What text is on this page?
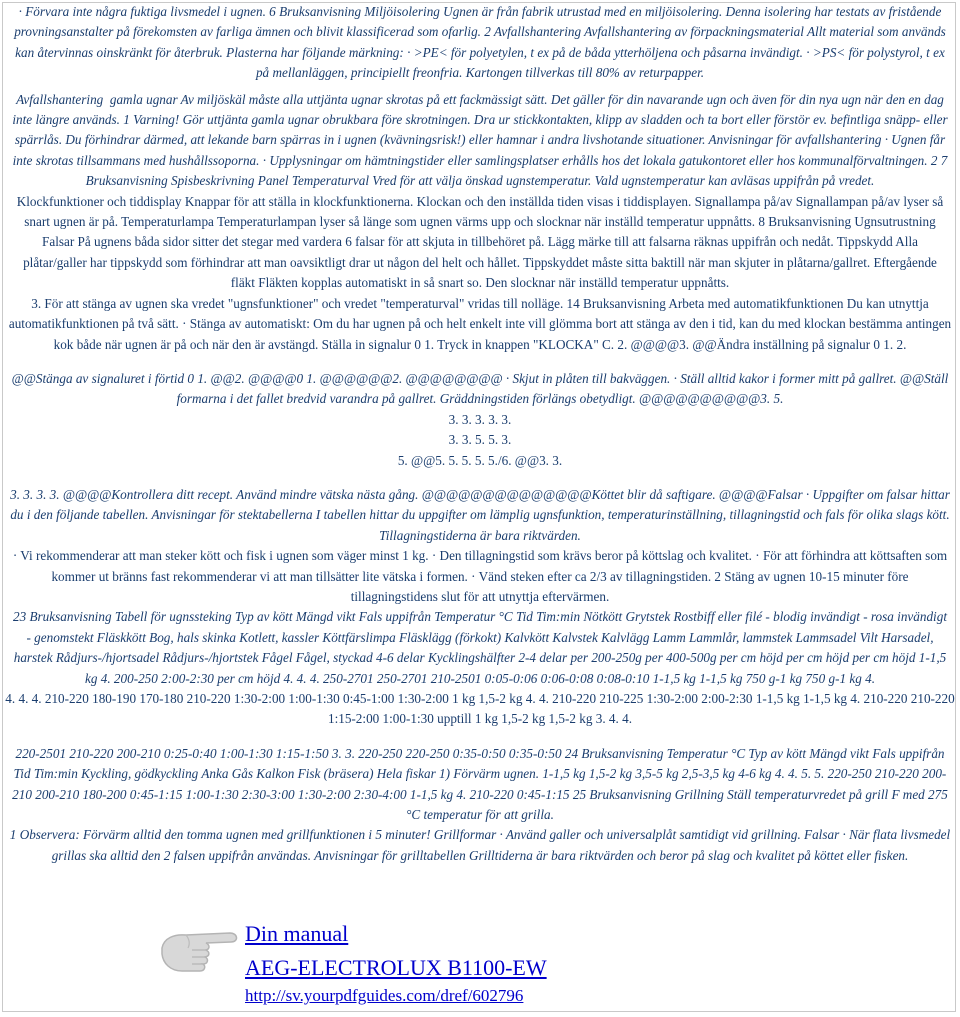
· Förvara inte några fuktiga livsmedel i ugnen. 6 Bruksanvisning Miljöisolering Ugnen är från fabrik utrustad med en miljöisolering. Denna isolering har testats av fristående provningsanstalter på förekomsten av farliga ämnen och blivit klassificerad som ofarlig. 2 Avfallshantering Avfallshantering av förpackningsmaterial Allt material som används kan återvinnas oinskränkt för återbruk. Plasterna har följande märkning: · >PE< för polyetylen, t ex på de båda ytterhöljena och påsarna invändigt. · >PS< för polystyrol, t ex på mellanläggen, principiellt freonfria. Kartongen tillverkas till 80% av returpapper.

Avfallshantering  gamla ugnar Av miljöskäl måste alla uttjänta ugnar skrotas på ett fackmässigt sätt. Det gäller för din navarande ugn och även för din nya ugn när den en dag inte längre används. 1 Varning! Gör uttjänta gamla ugnar obrukbara före skrotningen. Dra ur stickkontakten, klipp av sladden och ta bort eller förstör ev. befintliga snäpp- eller spärrlås. Du förhindrar därmed, att lekande barn spärras in i ugnen (kvävningsrisk!) eller hamnar i andra livshotande situationer. Anvisningar för avfallshantering · Ugnen får inte skrotas tillsammans med hushållssoporna. · Upplysningar om hämtningstider eller samlingsplatser erhålls hos det lokala gatukontoret eller hos kommunalförvaltningen. 2 7 Bruksanvisning Spisbeskrivning Panel Temperaturval Vred för att välja önskad ugnstemperatur. Vald ugnstemperatur kan avläsas uppifrån på vredet.

Klockfunktioner och tiddisplay Knappar för att ställa in klockfunktionerna. Klockan och den inställda tiden visas i tiddisplayen. Signallampa på/av Signallampan på/av lyser så snart ugnen är på. Temperaturlampa Temperaturlampan lyser så länge som ugnen värms upp och slocknar när inställd temperatur uppnåtts. 8 Bruksanvisning Ugnsutrustning Falsar På ugnens båda sidor sitter det stegar med vardera 6 falsar för att skjuta in tillbehöret på. Lägg märke till att falsarna räknas uppifrån och nedåt. Tippskydd Alla plåtar/galler har tippskydd som förhindrar att man oavsiktligt drar ut någon del helt och hållet. Tippskyddet måste sitta baktill när man skjuter in plåtarna/gallret. Eftergående fläkt Fläkten kopplas automatiskt in så snart so. Den slocknar när inställd temperatur uppnåtts.

3. För att stänga av ugnen ska vredet "ugnsfunktioner" och vredet "temperaturval" vridas till nolläge. 14 Bruksanvisning Arbeta med automatikfunktionen Du kan utnyttja automatikfunktionen på två sätt. · Stänga av automatiskt: Om du har ugnen på och helt enkelt inte vill glömma bort att stänga av den i tid, kan du med klockan bestämma antingen kok både när ugnen är på och när den är avstängd. Ställa in signalur 0 1. Tryck in knappen "KLOCKA" C. 2. @@@@3. @@Ändra inställning på signalur 0 1. 2.

@@Stänga av signaluret i förtid 0 1. @@2. @@@@0 1. @@@@@@2. @@@@@@@@ · Skjut in plåten till bakväggen. · Ställ alltid kakor i former mitt på gallret. @@Ställ formarna i det fallet bredvid varandra på gallret. Gräddningstiden förlängs obetydligt. @@@@@@@@@@3. 5.

3. 3. 3. 3. 3.

3. 3. 5. 5. 3.

5. @@5. 5. 5. 5. 5./6. @@3. 3.

3. 3. 3. 3. @@@@Kontrollera ditt recept. Använd mindre vätska nästa gång. @@@@@@@@@@@@@@Köttet blir då saftigare. @@@@Falsar · Uppgifter om falsar hittar du i den följande tabellen. Anvisningar för stektabellerna I tabellen hittar du uppgifter om lämplig ugnsfunktion, temperaturinställning, tillagningstid och fals för olika slags kött. Tillagningstiderna är bara riktvärden.

· Vi rekommenderar att man steker kött och fisk i ugnen som väger minst 1 kg. · Den tillagningstid som krävs beror på köttslag och kvalitet. · För att förhindra att köttsaften som kommer ut bränns fast rekommenderar vi att man tillsätter lite vätska i formen. · Vänd steken efter ca 2/3 av tillagningstiden. 2 Stäng av ugnen 10-15 minuter före tillagningstidens slut för att utnyttja eftervärmen.

23 Bruksanvisning Tabell för ugnssteking Typ av kött Mängd vikt Fals uppifrån Temperatur °C Tid Tim:min Nötkött Grytstek Rostbiff eller filé - blodig invändigt - rosa invändigt - genomstekt Fläskkött Bog, hals skinka Kotlett, kassler Köttfärslimpa Fläsklägg (förkokt) Kalvkött Kalvstek Kalvlägg Lamm Lammlår, lammstek Lammsadel Vilt Harsadel, harstek Rådjurs-/hjortsadel Rådjurs-/hjortstek Fågel Fågel, styckad 4-6 delar Kycklingshälfter 2-4 delar per 200-250g per 400-500g per cm höjd per cm höjd per cm höjd 1-1,5 kg 4. 200-250 2:00-2:30 per cm höjd 4. 4. 4. 250-2701 250-2701 210-2501 0:05-0:06 0:06-0:08 0:08-0:10 1-1,5 kg 1-1,5 kg 750 g-1 kg 750 g-1 kg 4.

4. 4. 4. 210-220 180-190 170-180 210-220 1:30-2:00 1:00-1:30 0:45-1:00 1:30-2:00 1 kg 1,5-2 kg 4. 4. 210-220 210-225 1:30-2:00 2:00-2:30 1-1,5 kg 1-1,5 kg 4. 210-220 210-220 1:15-2:00 1:00-1:30 upptill 1 kg 1,5-2 kg 1,5-2 kg 3. 4. 4.

220-2501 210-220 200-210 0:25-0:40 1:00-1:30 1:15-1:50 3. 3. 220-250 220-250 0:35-0:50 0:35-0:50 24 Bruksanvisning Temperatur °C Typ av kött Mängd vikt Fals uppifrån Tid Tim:min Kyckling, gödkyckling Anka Gås Kalkon Fisk (bräsera) Hela fiskar 1) Förvärm ugnen. 1-1,5 kg 1,5-2 kg 3,5-5 kg 2,5-3,5 kg 4-6 kg 4. 4. 5. 5. 220-250 210-220 200-210 200-210 180-200 0:45-1:15 1:00-1:30 2:30-3:00 1:30-2:00 2:30-4:00 1-1,5 kg 4. 210-220 0:45-1:15 25 Bruksanvisning Grillning Ställ temperaturvredet på grill F med 275 °C temperatur för att grilla.

1 Observera: Förvärm alltid den tomma ugnen med grillfunktionen i 5 minuter! Grillformar · Använd galler och universalplåt samtidigt vid grillning. Falsar · När flata livsmedel grillas ska alltid den 2 falsen uppifrån användas. Anvisningar för grilltabellen Grilltiderna är bara riktvärden och beror på slag och kvalitet på köttet eller fisken.

Din manual
AEG-ELECTROLUX B1100-EW
http://sv.yourpdfguides.com/dref/602796
